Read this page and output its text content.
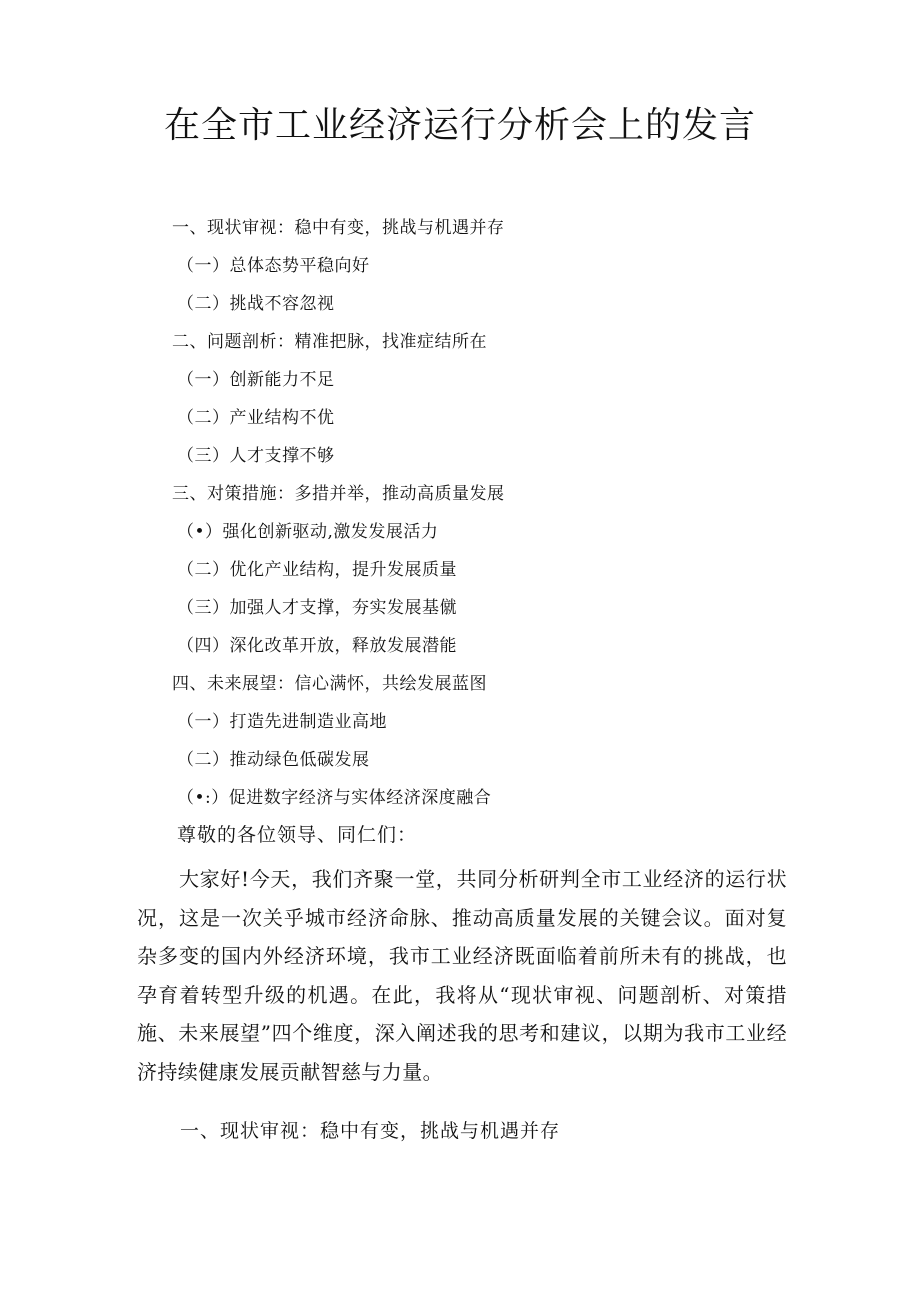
在全市工业经济运行分析会上的发言
一、现状审视：稳中有变，挑战与机遇并存
（一）总体态势平稳向好
（二）挑战不容忽视
二、问题剖析：精准把脉，找准症结所在
（一）创新能力不足
（二）产业结构不优
（三）人才支撑不够
三、对策措施：多措并举，推动高质量发展
（•）强化创新驱动,激发发展活力
（二）优化产业结构，提升发展质量
（三）加强人才支撑，夯实发展基僦
（四）深化改革开放，释放发展潜能
四、未来展望：信心满怀，共绘发展蓝图
（一）打造先进制造业高地
（二）推动绿色低碳发展
（•:）促进数字经济与实体经济深度融合

尊敬的各位领导、同仁们：

大家好!今天，我们齐聚一堂，共同分析研判全市工业经济的运行状况，这是一次关乎城市经济命脉、推动高质量发展的关键会议。面对复杂多变的国内外经济环境，我市工业经济既面临着前所未有的挑战，也孕育着转型升级的机遇。在此，我将从“现状审视、问题剖析、对策措施、未来展望”四个维度，深入阐述我的思考和建议，以期为我市工业经济持续健康发展贡献智慈与力量。

一、现状审视：稳中有变，挑战与机遇并存
